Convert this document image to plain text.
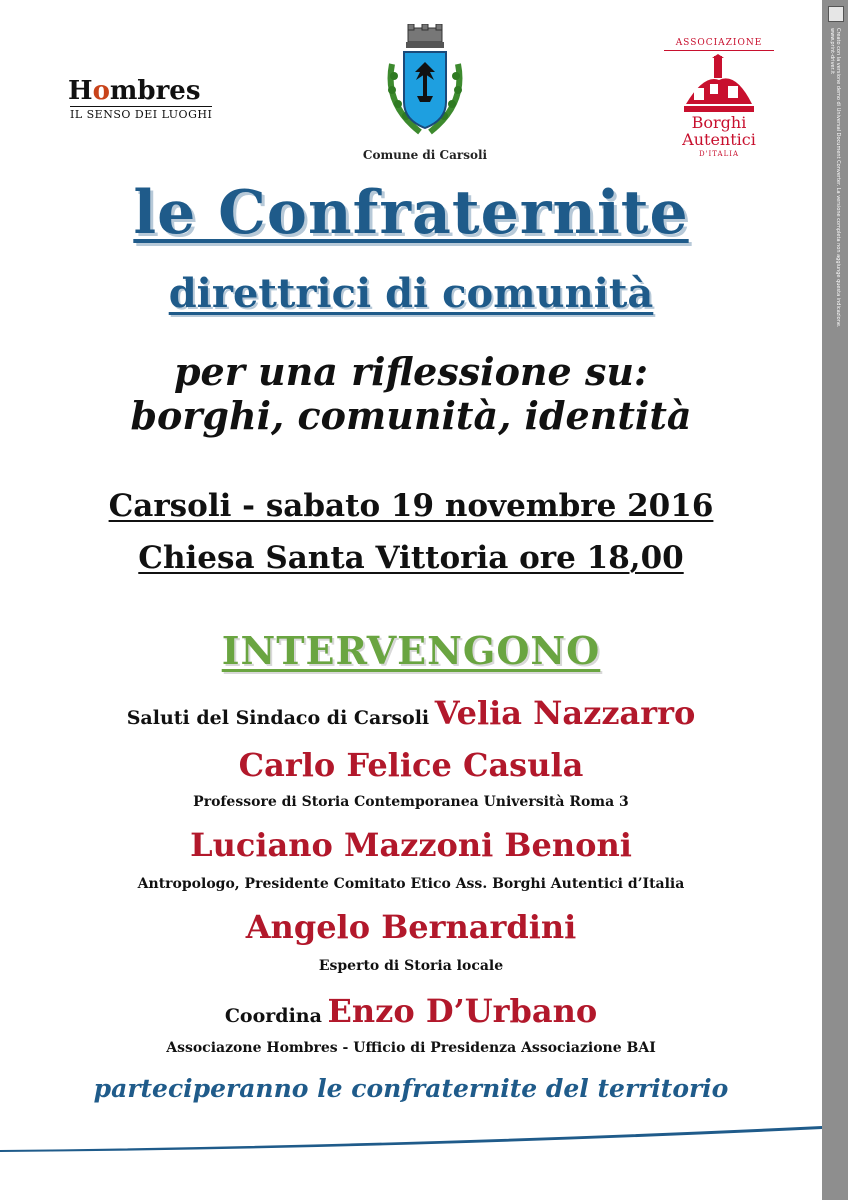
Hombres
IL SENSO DEI LUOGHI
Comune di Carsoli
ASSOCIAZIONE
Borghi
Autentici
D'ITALIA
le Confraternite
direttrici di comunità
per una riflessione su:
borghi, comunità, identità
Carsoli - sabato 19 novembre 2016
Chiesa Santa Vittoria ore 18,00
INTERVENGONO
Saluti del Sindaco di Carsoli Velia Nazzarro
Carlo Felice Casula
Professore di Storia Contemporanea Università Roma 3
Luciano Mazzoni Benoni
Antropologo, Presidente Comitato Etico Ass. Borghi Autentici d’Italia
Angelo Bernardini
Esperto di Storia locale
Coordina Enzo D’Urbano
Associazone Hombres - Ufficio di Presidenza Associazione BAI
parteciperanno le confraternite del territorio
Creato con la versione demo di Universal Document Converter. La versione completa non aggiunge questa indicazione.
www.print-driver.it
